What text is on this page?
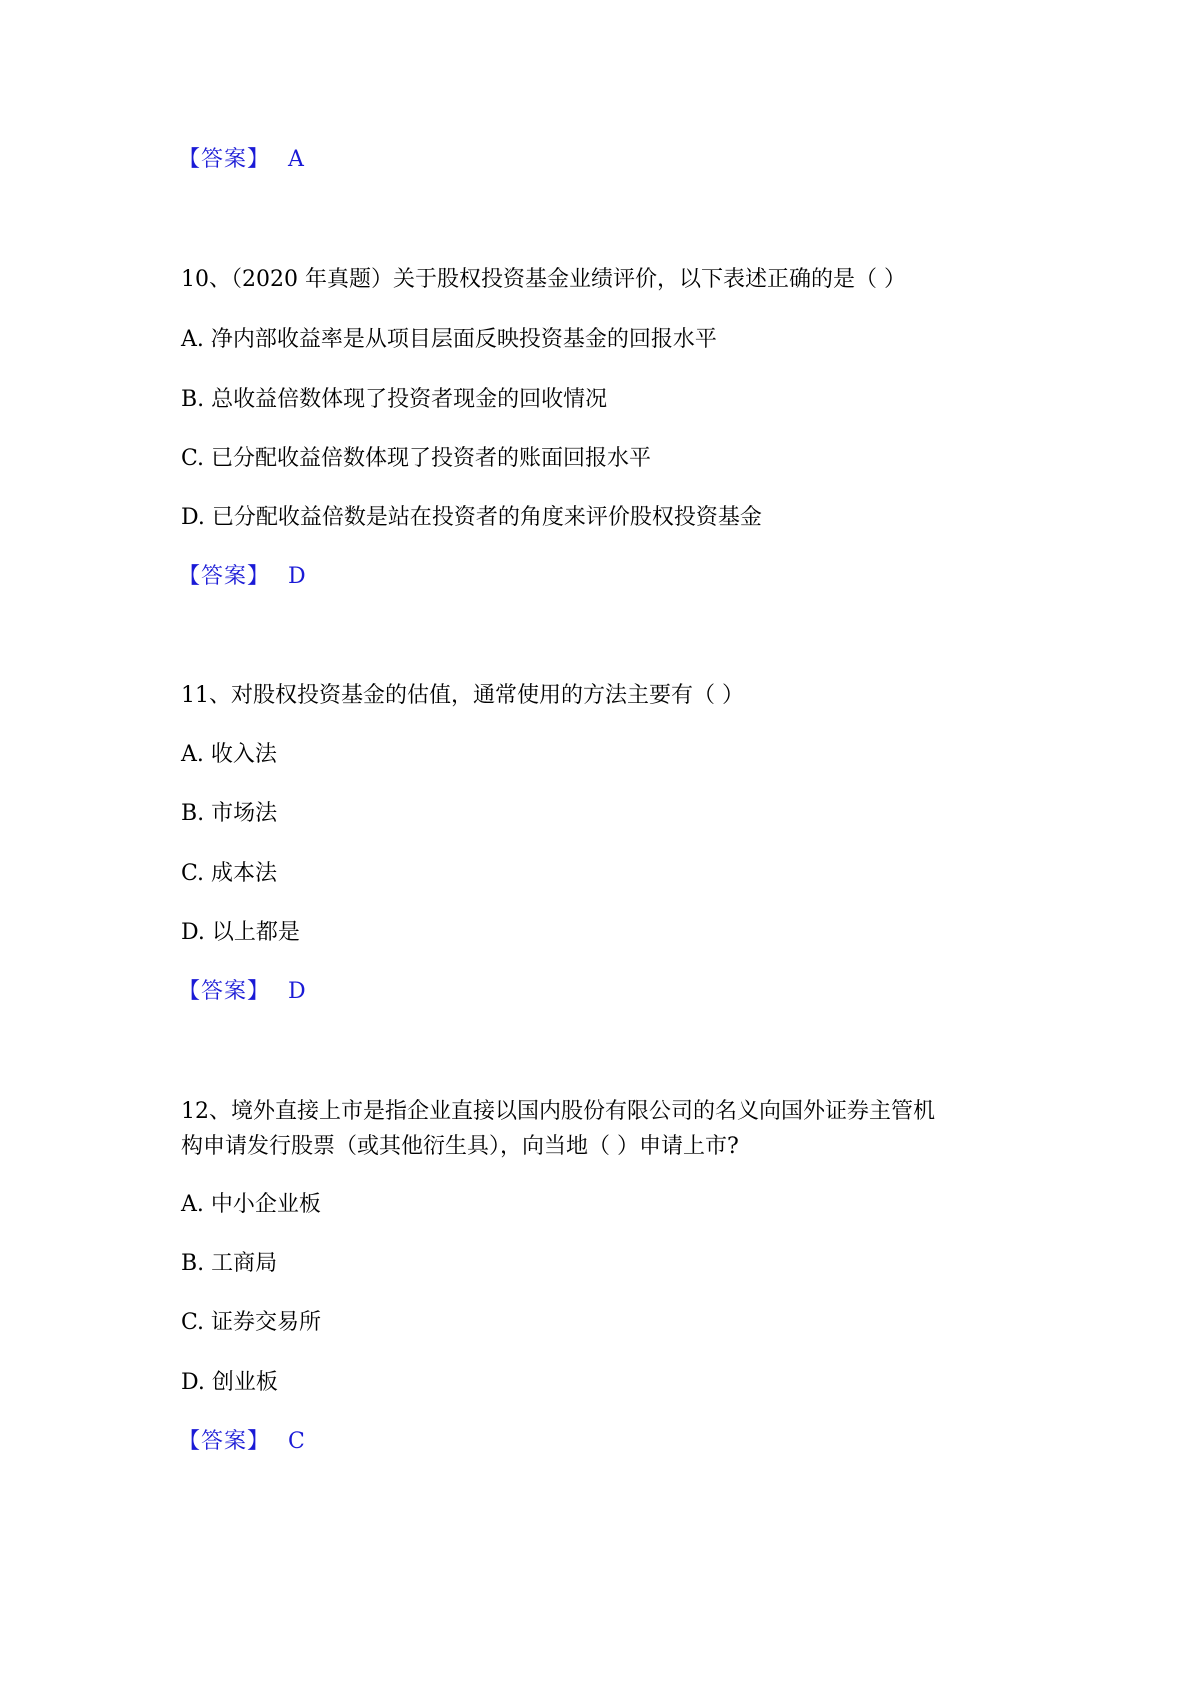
【答案】 A
10、（2020 年真题）关于股权投资基金业绩评价，以下表述正确的是（ ）
A. 净内部收益率是从项目层面反映投资基金的回报水平
B. 总收益倍数体现了投资者现金的回收情况
C. 已分配收益倍数体现了投资者的账面回报水平
D. 已分配收益倍数是站在投资者的角度来评价股权投资基金
【答案】 D
11、对股权投资基金的估值，通常使用的方法主要有（ ）
A. 收入法
B. 市场法
C. 成本法
D. 以上都是
【答案】 D
12、境外直接上市是指企业直接以国内股份有限公司的名义向国外证券主管机
构申请发行股票（或其他衍生具），向当地（ ）申请上市?
A. 中小企业板
B. 工商局
C. 证券交易所
D. 创业板
【答案】 C
